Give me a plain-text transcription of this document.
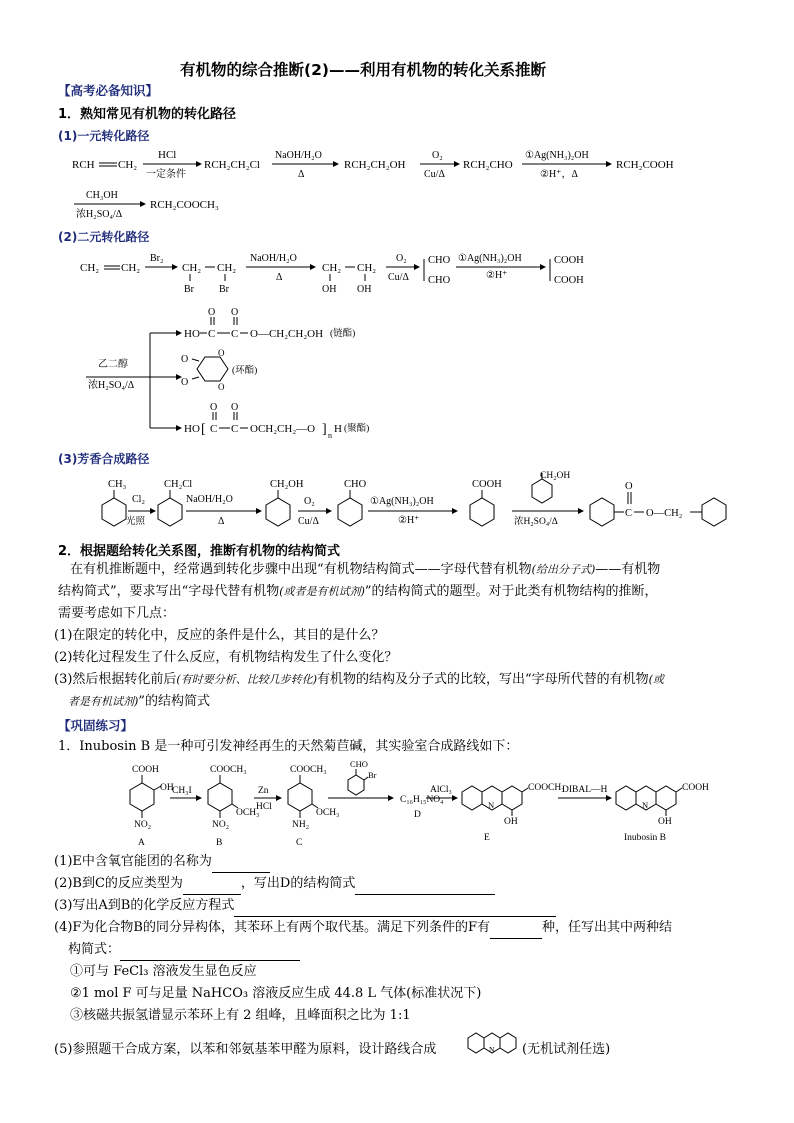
有机物的综合推断(2)——利用有机物的转化关系推断
【高考必备知识】
1．熟知常见有机物的转化路径
(1)一元转化路径
RCH CH₂
HCl
一定条件
RCH₂CH₂Cl
NaOH/H₂O
Δ
RCH₂CH₂OH
O₂
Cu/Δ
RCH₂CHO
①Ag(NH₃)₂OH
②H⁺，Δ
RCH₂COOH
CH₃OH
浓H₂SO₄/Δ
RCH₂COOCH₃
(2)二元转化路径
CH₂ CH₂
Br₂
CH₂ CH₂
Br	Br
NaOH/H₂O
Δ
CH₂ CH₂
OH OH
O₂
Cu/Δ
CHO
CHO
①Ag(NH₃)₂OH
②H⁺
COOH
COOH
乙二醇
浓H₂SO₄/Δ
HO C
O
C
O
O—CH₂CH₂OH (链酯)
O
O
O
O
(环酯)
HO [ C
O
C
O
OCH₂CH₂—O ] n
H (聚酯)
(3)芳香合成路径
CH₃
Cl₂
光照
CH₂Cl
NaOH/H₂O
Δ
CH₂OH
O₂
Cu/Δ
CHO
①Ag(NH₃)₂OH
②H⁺
COOH
CH₂OH
浓H₂SO₄/Δ
C
O
O—CH₂
2．根据题给转化关系图，推断有机物的结构简式
在有机推断题中，经常遇到转化步骤中出现“有机物结构简式——字母代替有机物(给出分子式)——有机物
结构简式”，要求写出“字母代替有机物(或者是有机试剂)”的结构简式的题型。对于此类有机物结构的推断，
需要考虑如下几点：
(1)在限定的转化中，反应的条件是什么，其目的是什么？
(2)转化过程发生了什么反应，有机物结构发生了什么变化？
(3)然后根据转化前后(有时要分析、比较几步转化)有机物的结构及分子式的比较，写出“字母所代替的有机物(或
者是有机试剂)”的结构简式
【巩固练习】
1．Inubosin B 是一种可引发神经再生的天然菊苣碱，其实验室合成路线如下：
COOH
OH
NO₂
A
CH₃I
COOCH₃
OCH₃
NO₂
B
Zn
HCl
COOCH₃
OCH₃
NH₂
C
CHO
Br
C₁₆H₁₅NO₄
D
AlCl₃
N
COOCH₃
OH
E
DIBAL—H
N
COOH
OH
Inubosin B
(1)E中含氧官能团的名称为
(2)B到C的反应类型为	，写出D的结构简式
(3)写出A到B的化学反应方程式
(4)F为化合物B的同分异构体，其苯环上有两个取代基。满足下列条件的F有	种，任写出其中两种结
构简式：
①可与 FeCl₃ 溶液发生显色反应
②1 mol F 可与足量 NaHCO₃ 溶液反应生成 44.8 L 气体(标准状况下)
③核磁共振氢谱显示苯环上有 2 组峰，且峰面积之比为 1:1
(5)参照题干合成方案，以苯和邻氨基苯甲醛为原料，设计路线合成	N (无机试剂任选)
